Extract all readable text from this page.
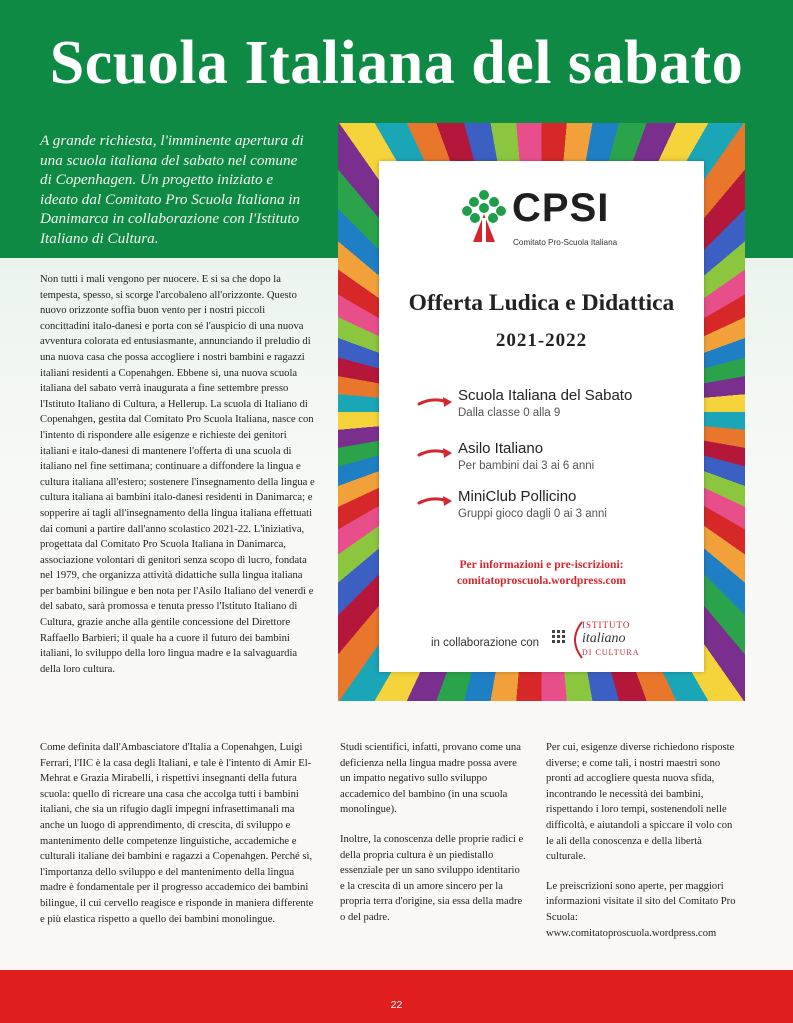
Scuola Italiana del sabato

A grande richiesta, l'imminente apertura di una scuola italiana del sabato nel comune di Copenhagen. Un progetto iniziato e ideato dal Comitato Pro Scuola Italiana in Danimarca in collaborazione con l'Istituto Italiano di Cultura.

Non tutti i mali vengono per nuocere. E si sa che dopo la tempesta, spesso, si scorge l'arcobaleno all'orizzonte. Questo nuovo orizzonte soffia buon vento per i nostri piccoli concittadini italo-danesi e porta con sé l'auspicio di una nuova avventura colorata ed entusiasmante, annunciando il preludio di una nuova casa che possa accogliere i nostri bambini e ragazzi italiani residenti a Copenahgen. Ebbene sì, una nuova scuola italiana del sabato verrà inaugurata a fine settembre presso l'Istituto Italiano di Cultura, a Hellerup. La scuola di Italiano di Copenahgen, gestita dal Comitato Pro Scuola Italiana, nasce con l'intento di rispondere alle esigenze e richieste dei genitori italiani e italo-danesi di mantenere l'offerta di una scuola di italiano nel fine settimana; continuare a diffondere la lingua e cultura italiana all'estero; sostenere l'insegnamento della lingua e cultura italiana ai bambini italo-danesi residenti in Danimarca; e sopperire ai tagli all'insegnamento della lingua italiana effettuati dai comuni a partire dall'anno scolastico 2021-22. L'iniziativa, progettata dal Comitato Pro Scuola Italiana in Danimarca, associazione volontari di genitori senza scopo di lucro, fondata nel 1979, che organizza attività didattiche sulla lingua italiana per bambini bilingue e ben nota per l'Asilo Italiano del venerdì e del sabato, sarà promossa e tenuta presso l'Istituto Italiano di Cultura, grazie anche alla gentile concessione del Direttore Raffaello Barbieri; il quale ha a cuore il futuro dei bambini italiani, lo sviluppo della loro lingua madre e la salvaguardia della loro cultura.

Come definita dall'Ambasciatore d'Italia a Copenahgen, Luigi Ferrari, l'IIC è la casa degli Italiani, e tale è l'intento di Amir El-Mehrat e Grazia Mirabelli, i rispettivi insegnanti della futura scuola: quello di ricreare una casa che accolga tutti i bambini italiani, che sia un rifugio dagli impegni infrasettimanali ma anche un luogo di apprendimento, di crescita, di sviluppo e mantenimento delle competenze linguistiche, accademiche e culturali italiane dei bambini e ragazzi a Copenahgen. Perché sì, l'importanza dello sviluppo e del mantenimento della lingua madre è fondamentale per il progresso accademico dei bambini bilingue, il cui cervello reagisce e risponde in maniera differente e più elastica rispetto a quello dei bambini monolingue.

Studi scientifici, infatti, provano come una deficienza nella lingua madre possa avere un impatto negativo sullo sviluppo accademico del bambino (in una scuola monolingue).

Inoltre, la conoscenza delle proprie radici e della propria cultura è un piedistallo essenziale per un sano sviluppo identitario e la crescita di un amore sincero per la propria terra d'origine, sia essa della madre o del padre.

Per cui, esigenze diverse richiedono risposte diverse; e come tali, i nostri maestri sono pronti ad accogliere questa nuova sfida, incontrando le necessità dei bambini, rispettando i loro tempi, sostenendoli nelle difficoltà, e aiutandoli a spiccare il volo con le ali della conoscenza e della libertà culturale.

Le preiscrizioni sono aperte, per maggiori informazioni visitate il sito del Comitato Pro Scuola: www.comitatoproscuola.wordpress.com

CPSI
Comitato Pro-Scuola Italiana
Offerta Ludica e Didattica
2021-2022
Scuola Italiana del Sabato
Dalla classe 0 alla 9
Asilo Italiano
Per bambini dai 3 ai 6 anni
MiniClub Pollicino
Gruppi gioco dagli 0 ai 3 anni
Per informazioni e pre-iscrizioni:
comitatoproscuola.wordpress.com
in collaborazione con
ISTITUTO
italiano
DI CULTURA
22
